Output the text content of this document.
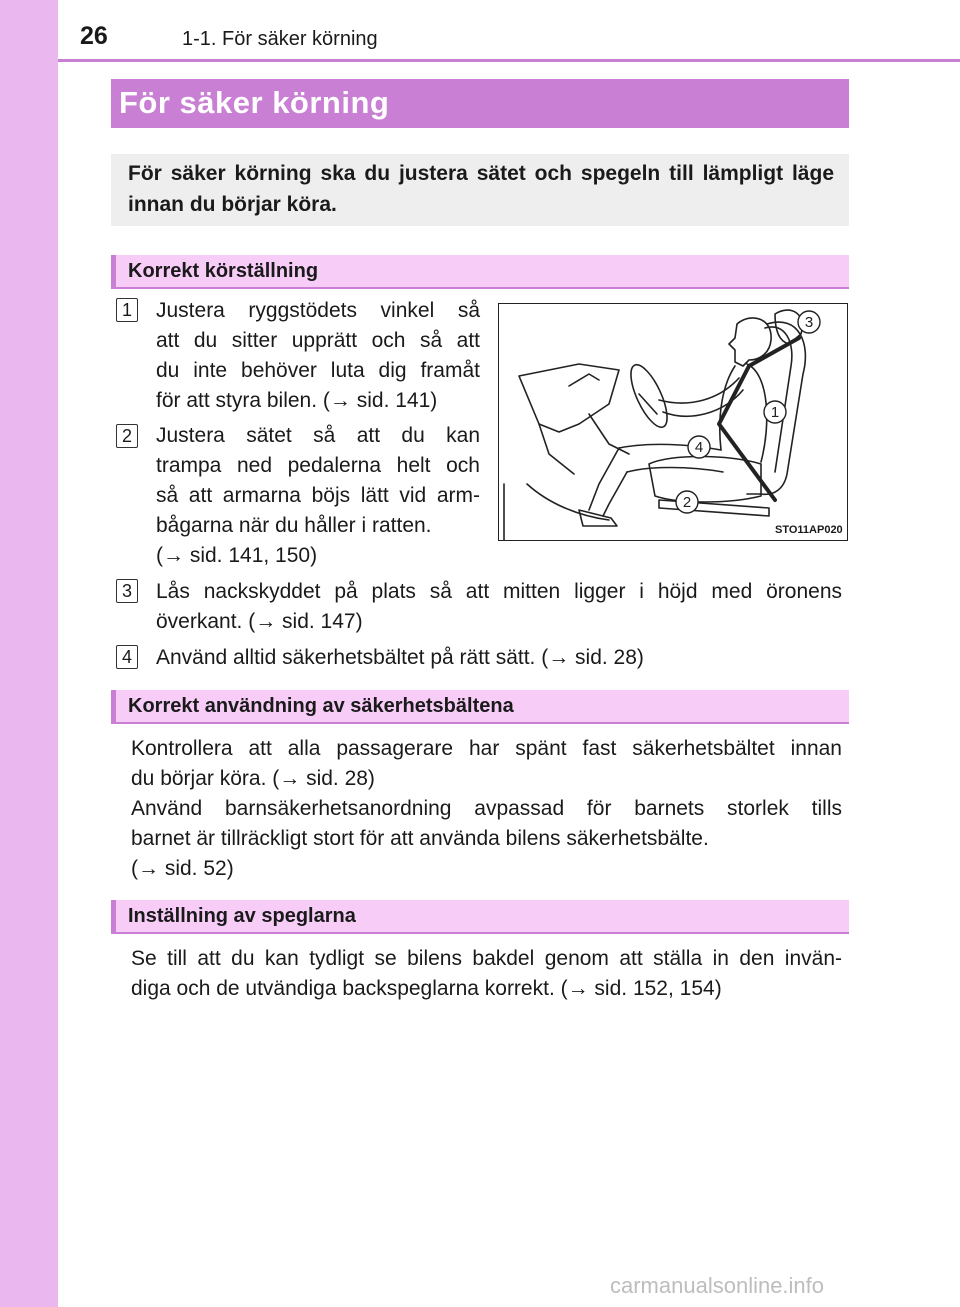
26	1-1. För säker körning
För säker körning
För säker körning ska du justera sätet och spegeln till lämpligt läge innan du börjar köra.
Korrekt körställning
1 Justera ryggstödets vinkel så
att du sitter upprätt och så att
du inte behöver luta dig framåt
för att styra bilen. (→ sid. 141)
2 Justera sätet så att du kan
trampa ned pedalerna helt och
så att armarna böjs lätt vid arm-
bågarna när du håller i ratten.
(→ sid. 141, 150)
3 Lås nackskyddet på plats så att mitten ligger i höjd med öronens
överkant. (→ sid. 147)
4 Använd alltid säkerhetsbältet på rätt sätt. (→ sid. 28)
3
1
4
2
STO11AP020
Korrekt användning av säkerhetsbältena
Kontrollera att alla passagerare har spänt fast säkerhetsbältet innan
du börjar köra. (→ sid. 28)
Använd barnsäkerhetsanordning avpassad för barnets storlek tills
barnet är tillräckligt stort för att använda bilens säkerhetsbälte.
(→ sid. 52)
Inställning av speglarna
Se till att du kan tydligt se bilens bakdel genom att ställa in den invän-
diga och de utvändiga backspeglarna korrekt. (→ sid. 152, 154)
carmanualsonline.info
